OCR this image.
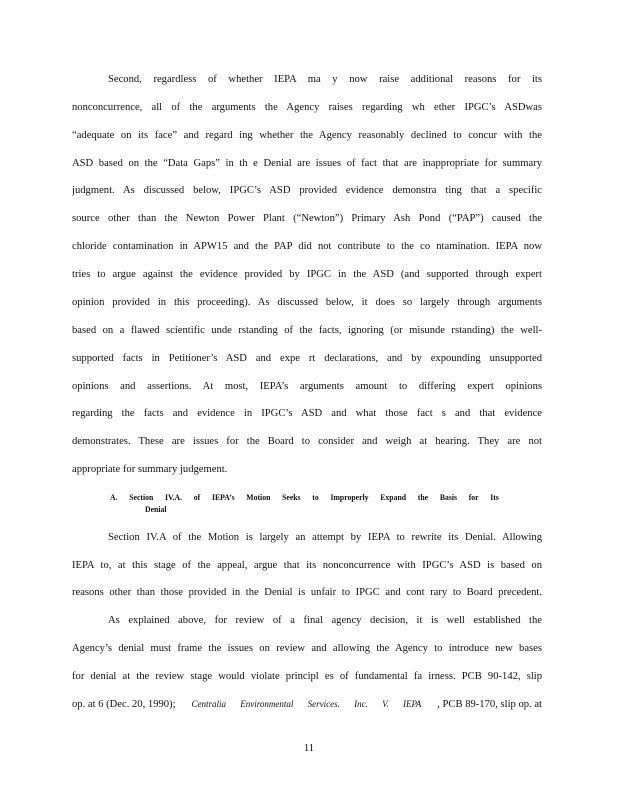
Second, regardless of whether IEPA ma y now raise additional reasons for its
nonconcurrence, all of the arguments the Agency raises regarding wh ether IPGC’s ASDwas
“adequate on its face” and regard ing whether the Agency reasonably declined to concur with the
ASD based on the “Data Gaps” in th e Denial are issues of fact that are inappropriate for summary
judgment. As discussed below, IPGC’s ASD provided evidence demonstra ting that a specific
source other than the Newton Power Plant (“Newton”) Primary Ash Pond (“PAP”) caused the
chloride contamination in APW15 and the PAP did not contribute to the co ntamination. IEPA now
tries to argue against the evidence provided by IPGC in the ASD (and supported through expert
opinion provided in this proceeding). As discussed below, it does so largely through arguments
based on a flawed scientific unde rstanding of the facts, ignoring (or misunde rstanding) the well-
supported facts in Petitioner’s ASD and expe rt declarations, and by expounding unsupported
opinions and assertions. At most, IEPA’s arguments amount to differing expert opinions
regarding the facts and evidence in IPGC’s ASD and what those fact s and that evidence
demonstrates. These are issues for the Board to consider and weigh at hearing. They are not
appropriate for summary judgement.
A. Section IV.A. of IEPA’s Motion Seeks to Improperly Expand the Basis for Its
Denial
Section IV.A of the Motion is largely an attempt by IEPA to rewrite its Denial. Allowing
IEPA to, at this stage of the appeal, argue that its nonconcurrence with IPGC’s ASD is based on
reasons other than those provided in the Denial is unfair to IPGC and cont rary to Board precedent.
As explained above, for review of a final agency decision, it is well established the
Agency’s denial must frame the issues on review and allowing the Agency to introduce new bases
for denial at the review stage would violate principl es of fundamental fa irness. PCB 90-142, slip
op. at 6 (Dec. 20, 1990); Centralia Environmental Services. Inc. V. IEPA , PCB 89-170, slip op. at
11
